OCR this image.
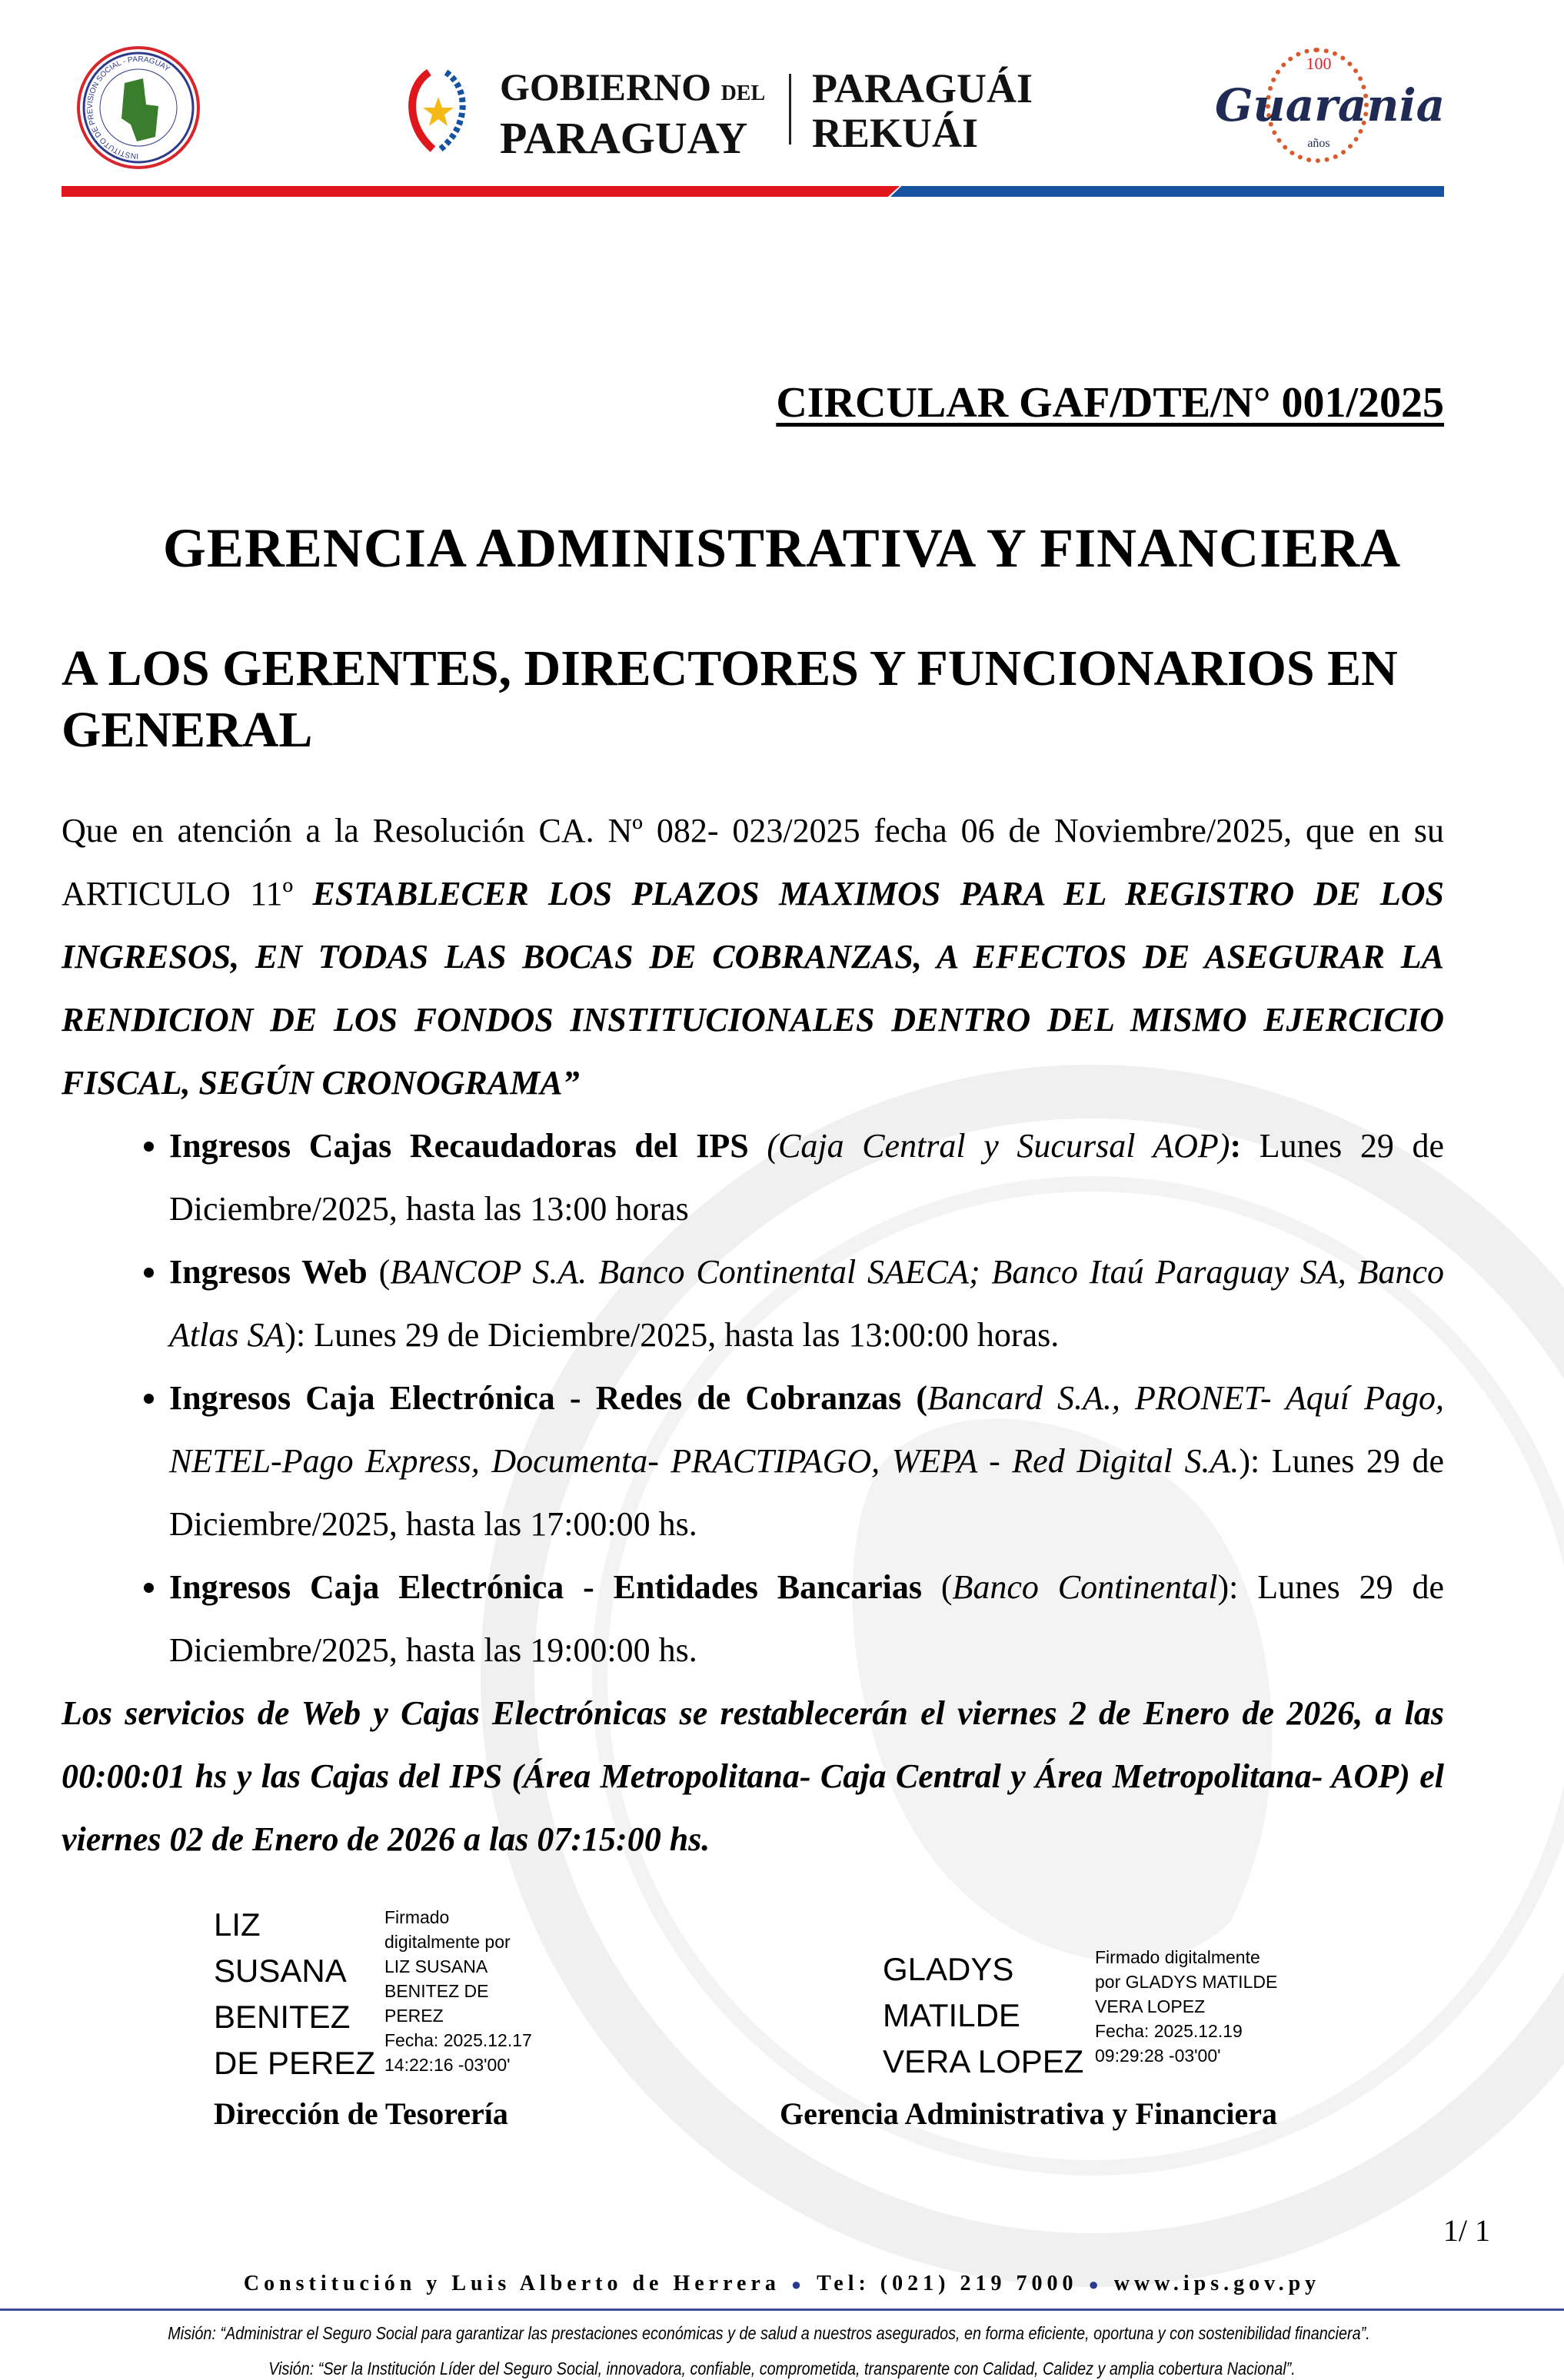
INSTITUTO DE PREVISION SOCIAL - PARAGUAY	GOBIERNO DEL
PARAGUAY
PARAGUÁI
REKUÁI
100
Guarania
años
CIRCULAR GAF/DTE/N° 001/2025
GERENCIA ADMINISTRATIVA Y FINANCIERA
A LOS GERENTES, DIRECTORES Y FUNCIONARIOS EN GENERAL

Que en atención a la Resolución CA. Nº 082- 023/2025 fecha 06 de Noviembre/2025, que en su ARTICULO 11º ESTABLECER LOS PLAZOS MAXIMOS PARA EL REGISTRO DE LOS INGRESOS, EN TODAS LAS BOCAS DE COBRANZAS, A EFECTOS DE ASEGURAR LA RENDICION DE LOS FONDOS INSTITUCIONALES DENTRO DEL MISMO EJERCICIO FISCAL, SEGÚN CRONOGRAMA”

• Ingresos Cajas Recaudadoras del IPS (Caja Central y Sucursal AOP): Lunes 29 de Diciembre/2025, hasta las 13:00 horas
• Ingresos Web (BANCOP S.A. Banco Continental SAECA; Banco Itaú Paraguay SA, Banco Atlas SA): Lunes 29 de Diciembre/2025, hasta las 13:00:00 horas.
• Ingresos Caja Electrónica - Redes de Cobranzas (Bancard S.A., PRONET- Aquí Pago, NETEL-Pago Express, Documenta- PRACTIPAGO, WEPA - Red Digital S.A.): Lunes 29 de Diciembre/2025, hasta las 17:00:00 hs.
• Ingresos Caja Electrónica - Entidades Bancarias (Banco Continental): Lunes 29 de Diciembre/2025, hasta las 19:00:00 hs.

Los servicios de Web y Cajas Electrónicas se restablecerán el viernes 2 de Enero de 2026, a las 00:00:01 hs y las Cajas del IPS (Área Metropolitana- Caja Central y Área Metropolitana- AOP) el viernes 02 de Enero de 2026 a las 07:15:00 hs.

LIZ
SUSANA
BENITEZ
DE PEREZ
Firmado
digitalmente por
LIZ SUSANA
BENITEZ DE
PEREZ
Fecha: 2025.12.17
14:22:16 -03'00'
Dirección de Tesorería
GLADYS
MATILDE
VERA LOPEZ
Firmado digitalmente
por GLADYS MATILDE
VERA LOPEZ
Fecha: 2025.12.19
09:29:28 -03'00'
Gerencia Administrativa y Financiera
1/ 1
Constitución y Luis Alberto de Herrera ● Tel: (021) 219 7000 ● www.ips.gov.py
Misión: “Administrar el Seguro Social para garantizar las prestaciones económicas y de salud a nuestros asegurados, en forma eficiente, oportuna y con sostenibilidad financiera”.
Visión: “Ser la Institución Líder del Seguro Social, innovadora, confiable, comprometida, transparente con Calidad, Calidez y amplia cobertura Nacional”.
